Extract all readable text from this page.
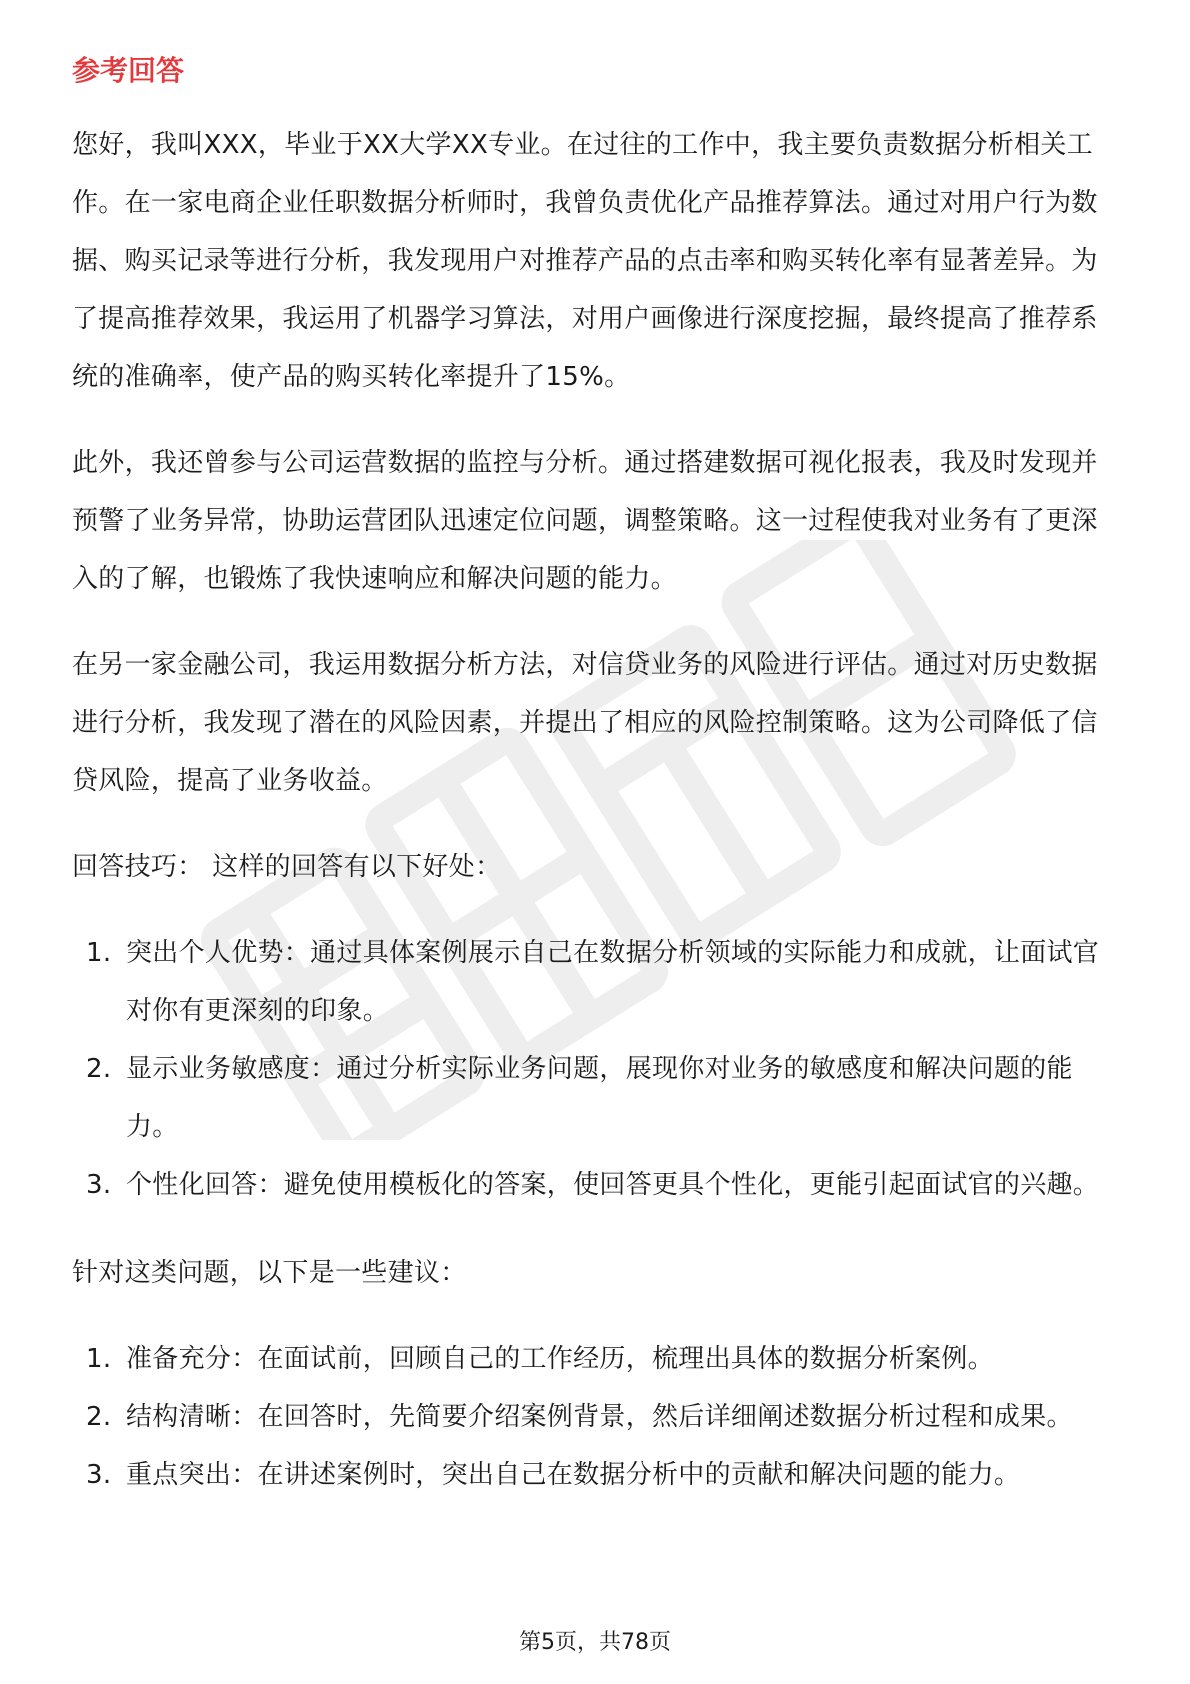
参考回答

您好，我叫XXX，毕业于XX大学XX专业。在过往的工作中，我主要负责数据分析相关工作。在一家电商企业任职数据分析师时，我曾负责优化产品推荐算法。通过对用户行为数据、购买记录等进行分析，我发现用户对推荐产品的点击率和购买转化率有显著差异。为了提高推荐效果，我运用了机器学习算法，对用户画像进行深度挖掘，最终提高了推荐系统的准确率，使产品的购买转化率提升了15%。

此外，我还曾参与公司运营数据的监控与分析。通过搭建数据可视化报表，我及时发现并预警了业务异常，协助运营团队迅速定位问题，调整策略。这一过程使我对业务有了更深入的了解，也锻炼了我快速响应和解决问题的能力。

在另一家金融公司，我运用数据分析方法，对信贷业务的风险进行评估。通过对历史数据进行分析，我发现了潜在的风险因素，并提出了相应的风险控制策略。这为公司降低了信贷风险，提高了业务收益。

回答技巧： 这样的回答有以下好处：

1. 突出个人优势：通过具体案例展示自己在数据分析领域的实际能力和成就，让面试官对你有更深刻的印象。
2. 显示业务敏感度：通过分析实际业务问题，展现你对业务的敏感度和解决问题的能力。
3. 个性化回答：避免使用模板化的答案，使回答更具个性化，更能引起面试官的兴趣。

针对这类问题，以下是一些建议：

1. 准备充分：在面试前，回顾自己的工作经历，梳理出具体的数据分析案例。
2. 结构清晰：在回答时，先简要介绍案例背景，然后详细阐述数据分析过程和成果。
3. 重点突出：在讲述案例时，突出自己在数据分析中的贡献和解决问题的能力。
第5页，共78页
